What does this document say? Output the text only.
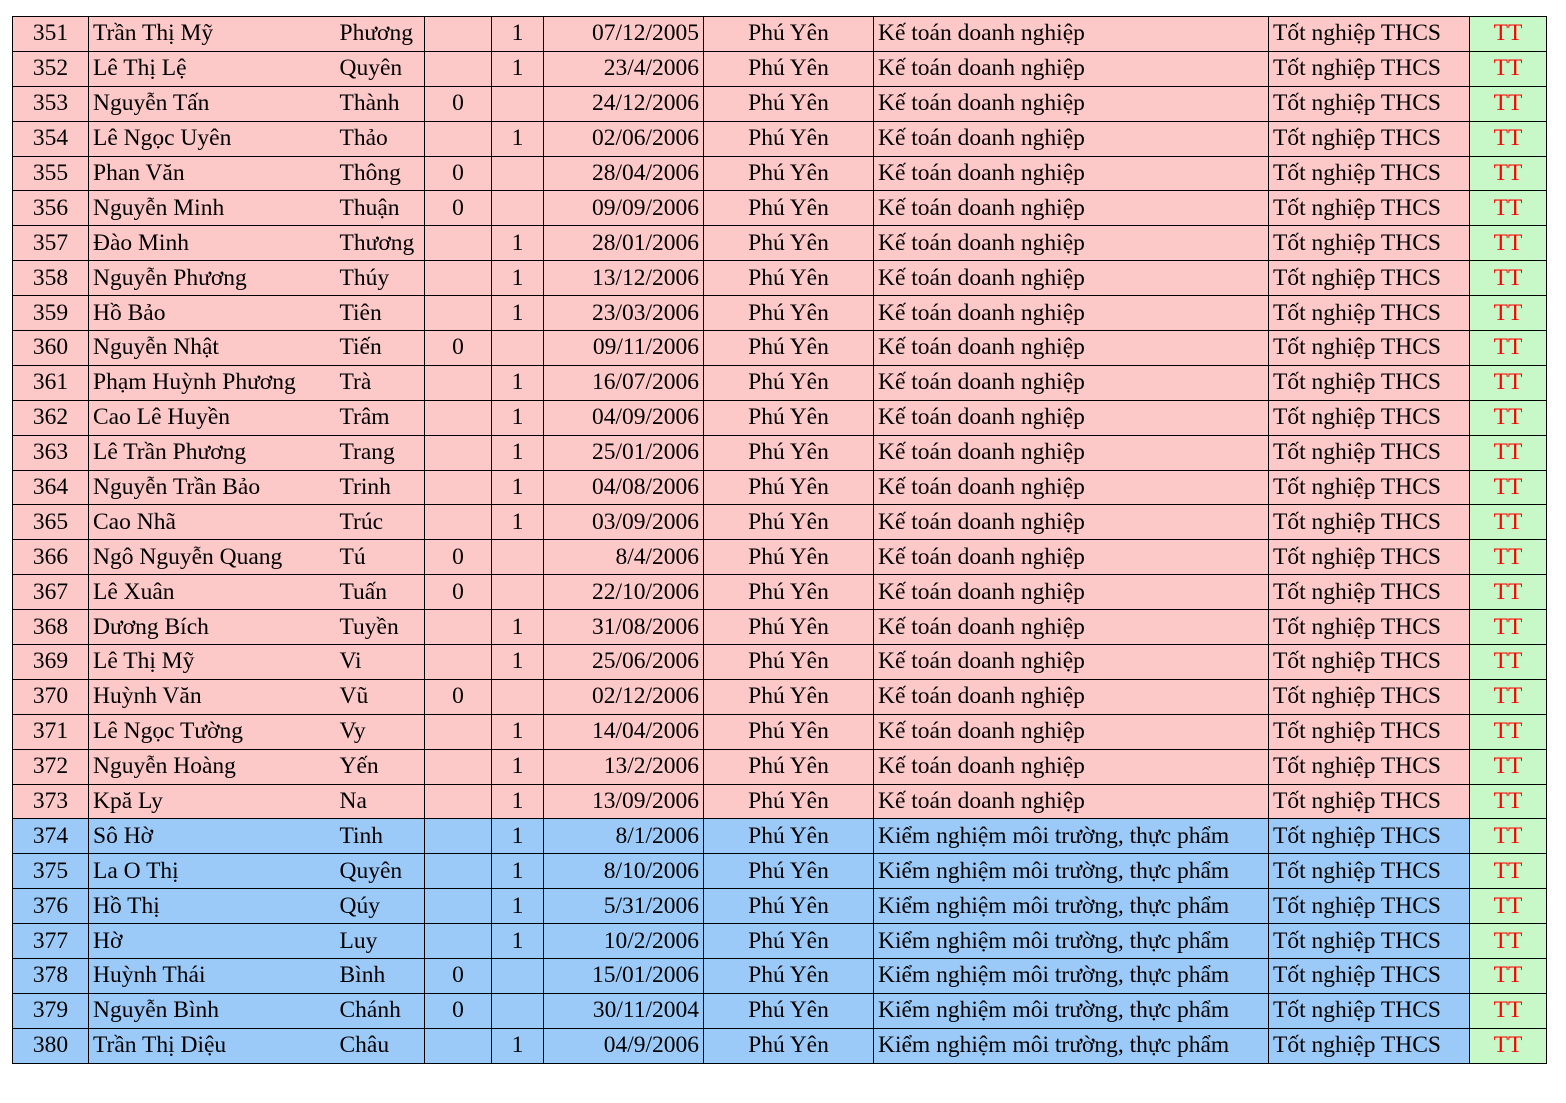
351	Trần Thị Mỹ	Phương		1	07/12/2005	Phú Yên	Kế toán doanh nghiệp	Tốt nghiệp THCS	TT
352	Lê Thị Lệ	Quyên		1	23/4/2006	Phú Yên	Kế toán doanh nghiệp	Tốt nghiệp THCS	TT
353	Nguyễn Tấn	Thành	0		24/12/2006	Phú Yên	Kế toán doanh nghiệp	Tốt nghiệp THCS	TT
354	Lê Ngọc Uyên	Thảo		1	02/06/2006	Phú Yên	Kế toán doanh nghiệp	Tốt nghiệp THCS	TT
355	Phan Văn	Thông	0		28/04/2006	Phú Yên	Kế toán doanh nghiệp	Tốt nghiệp THCS	TT
356	Nguyễn Minh	Thuận	0		09/09/2006	Phú Yên	Kế toán doanh nghiệp	Tốt nghiệp THCS	TT
357	Đào Minh	Thương		1	28/01/2006	Phú Yên	Kế toán doanh nghiệp	Tốt nghiệp THCS	TT
358	Nguyễn Phương	Thúy		1	13/12/2006	Phú Yên	Kế toán doanh nghiệp	Tốt nghiệp THCS	TT
359	Hồ Bảo	Tiên		1	23/03/2006	Phú Yên	Kế toán doanh nghiệp	Tốt nghiệp THCS	TT
360	Nguyễn Nhật	Tiến	0		09/11/2006	Phú Yên	Kế toán doanh nghiệp	Tốt nghiệp THCS	TT
361	Phạm Huỳnh Phương	Trà		1	16/07/2006	Phú Yên	Kế toán doanh nghiệp	Tốt nghiệp THCS	TT
362	Cao Lê Huyền	Trâm		1	04/09/2006	Phú Yên	Kế toán doanh nghiệp	Tốt nghiệp THCS	TT
363	Lê Trần Phương	Trang		1	25/01/2006	Phú Yên	Kế toán doanh nghiệp	Tốt nghiệp THCS	TT
364	Nguyễn Trần Bảo	Trinh		1	04/08/2006	Phú Yên	Kế toán doanh nghiệp	Tốt nghiệp THCS	TT
365	Cao Nhã	Trúc		1	03/09/2006	Phú Yên	Kế toán doanh nghiệp	Tốt nghiệp THCS	TT
366	Ngô Nguyễn Quang	Tú	0		8/4/2006	Phú Yên	Kế toán doanh nghiệp	Tốt nghiệp THCS	TT
367	Lê Xuân	Tuấn	0		22/10/2006	Phú Yên	Kế toán doanh nghiệp	Tốt nghiệp THCS	TT
368	Dương Bích	Tuyền		1	31/08/2006	Phú Yên	Kế toán doanh nghiệp	Tốt nghiệp THCS	TT
369	Lê Thị Mỹ	Vi		1	25/06/2006	Phú Yên	Kế toán doanh nghiệp	Tốt nghiệp THCS	TT
370	Huỳnh Văn	Vũ	0		02/12/2006	Phú Yên	Kế toán doanh nghiệp	Tốt nghiệp THCS	TT
371	Lê Ngọc Tường	Vy		1	14/04/2006	Phú Yên	Kế toán doanh nghiệp	Tốt nghiệp THCS	TT
372	Nguyễn Hoàng	Yến		1	13/2/2006	Phú Yên	Kế toán doanh nghiệp	Tốt nghiệp THCS	TT
373	Kpă Ly	Na		1	13/09/2006	Phú Yên	Kế toán doanh nghiệp	Tốt nghiệp THCS	TT
374	Sô Hờ	Tinh		1	8/1/2006	Phú Yên	Kiểm nghiệm môi trường, thực phẩm	Tốt nghiệp THCS	TT
375	La O Thị	Quyên		1	8/10/2006	Phú Yên	Kiểm nghiệm môi trường, thực phẩm	Tốt nghiệp THCS	TT
376	Hồ Thị	Qúy		1	5/31/2006	Phú Yên	Kiểm nghiệm môi trường, thực phẩm	Tốt nghiệp THCS	TT
377	Hờ	Luy		1	10/2/2006	Phú Yên	Kiểm nghiệm môi trường, thực phẩm	Tốt nghiệp THCS	TT
378	Huỳnh Thái	Bình	0		15/01/2006	Phú Yên	Kiểm nghiệm môi trường, thực phẩm	Tốt nghiệp THCS	TT
379	Nguyễn Bình	Chánh	0		30/11/2004	Phú Yên	Kiểm nghiệm môi trường, thực phẩm	Tốt nghiệp THCS	TT
380	Trần Thị Diệu	Châu		1	04/9/2006	Phú Yên	Kiểm nghiệm môi trường, thực phẩm	Tốt nghiệp THCS	TT
